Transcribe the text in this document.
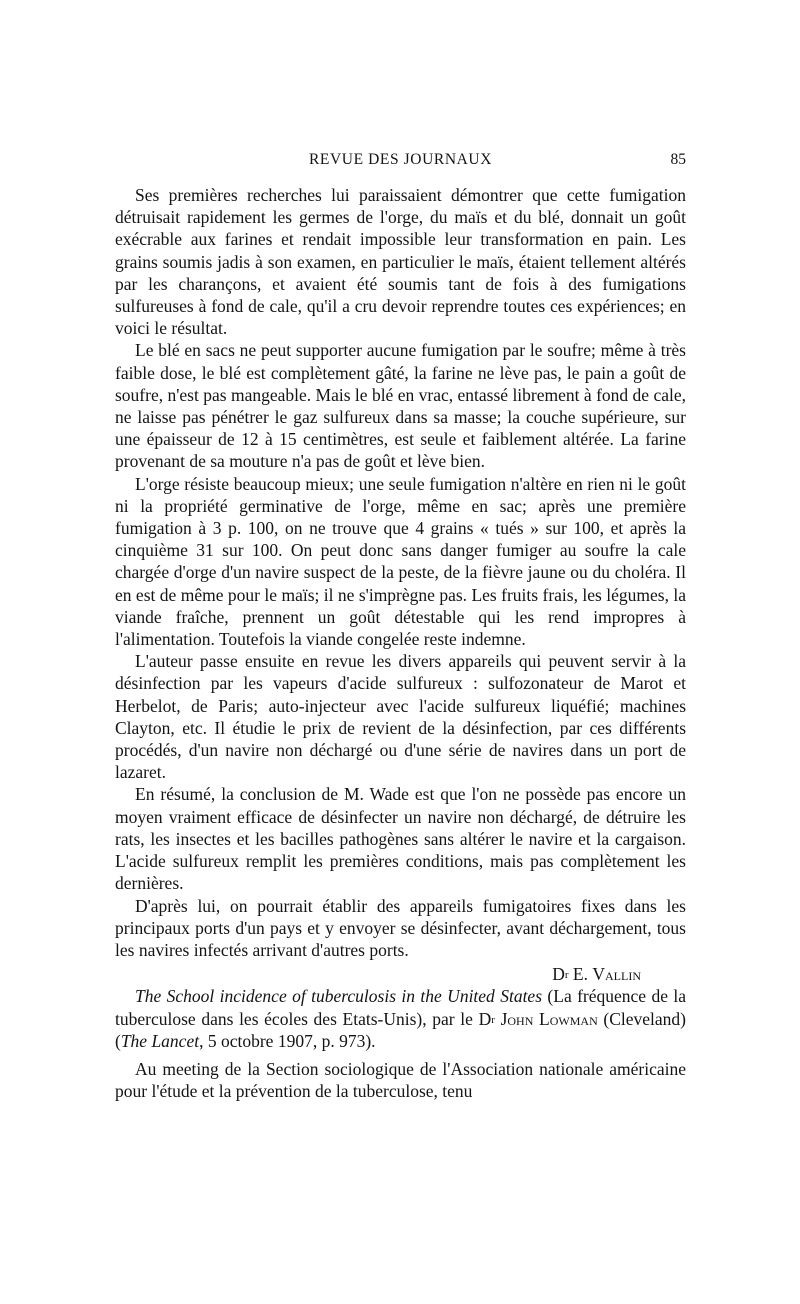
REVUE DES JOURNAUX	85

Ses premières recherches lui paraissaient démontrer que cette fumigation détruisait rapidement les germes de l'orge, du maïs et du blé, donnait un goût exécrable aux farines et rendait impossible leur transformation en pain. Les grains soumis jadis à son examen, en particulier le maïs, étaient tellement altérés par les charançons, et avaient été soumis tant de fois à des fumigations sulfureuses à fond de cale, qu'il a cru devoir reprendre toutes ces expériences; en voici le résultat.

Le blé en sacs ne peut supporter aucune fumigation par le soufre; même à très faible dose, le blé est complètement gâté, la farine ne lève pas, le pain a goût de soufre, n'est pas mangeable. Mais le blé en vrac, entassé librement à fond de cale, ne laisse pas pénétrer le gaz sulfureux dans sa masse; la couche supérieure, sur une épaisseur de 12 à 15 centimètres, est seule et faiblement altérée. La farine provenant de sa mouture n'a pas de goût et lève bien.

L'orge résiste beaucoup mieux; une seule fumigation n'altère en rien ni le goût ni la propriété germinative de l'orge, même en sac; après une première fumigation à 3 p. 100, on ne trouve que 4 grains « tués » sur 100, et après la cinquième 31 sur 100. On peut donc sans danger fumiger au soufre la cale chargée d'orge d'un navire suspect de la peste, de la fièvre jaune ou du choléra. Il en est de même pour le maïs; il ne s'imprègne pas. Les fruits frais, les légumes, la viande fraîche, prennent un goût détestable qui les rend impropres à l'alimentation. Toutefois la viande congelée reste indemne.

L'auteur passe ensuite en revue les divers appareils qui peuvent servir à la désinfection par les vapeurs d'acide sulfureux : sulfozonateur de Marot et Herbelot, de Paris; auto-injecteur avec l'acide sulfureux liquéfié; machines Clayton, etc. Il étudie le prix de revient de la désinfection, par ces différents procédés, d'un navire non déchargé ou d'une série de navires dans un port de lazaret.

En résumé, la conclusion de M. Wade est que l'on ne possède pas encore un moyen vraiment efficace de désinfecter un navire non déchargé, de détruire les rats, les insectes et les bacilles pathogènes sans altérer le navire et la cargaison. L'acide sulfureux remplit les premières conditions, mais pas complètement les dernières.

D'après lui, on pourrait établir des appareils fumigatoires fixes dans les principaux ports d'un pays et y envoyer se désinfecter, avant déchargement, tous les navires infectés arrivant d'autres ports.

$D^r$ E. Vallin

The School incidence of tuberculosis in the United States (La fréquence de la tuberculose dans les écoles des Etats-Unis), par le $D^r$ John Lowman (Cleveland) (The Lancet, 5 octobre 1907, p. 973).

Au meeting de la Section sociologique de l'Association nationale américaine pour l'étude et la prévention de la tuberculose, tenu
